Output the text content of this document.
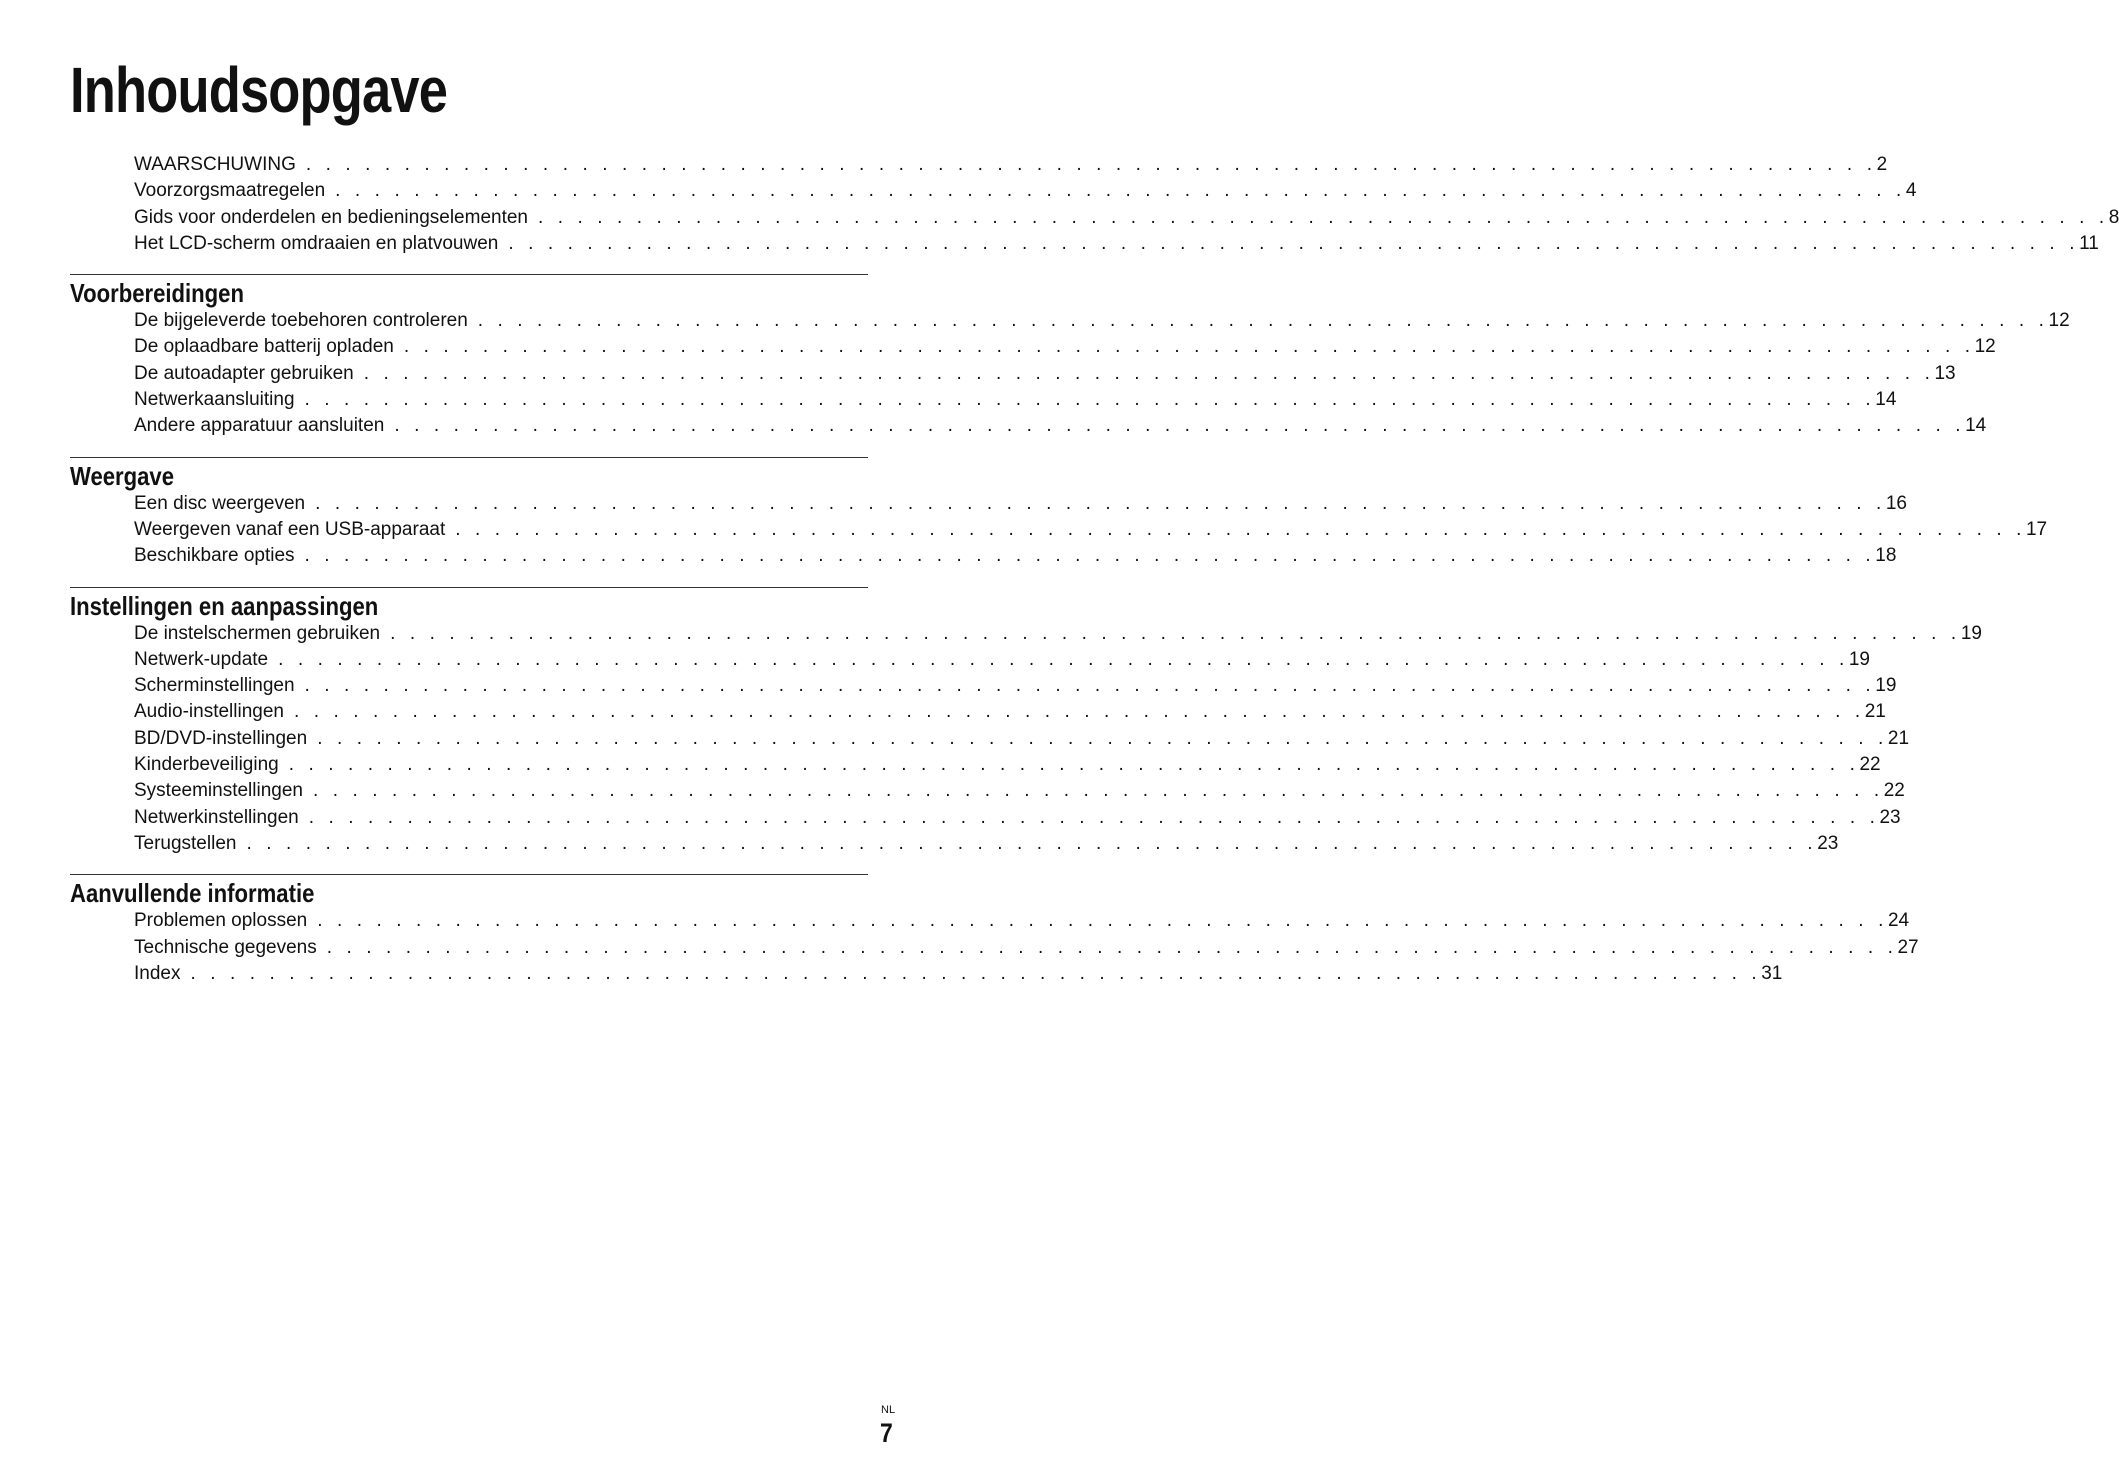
Inhoudsopgave
WAARSCHUWING . . . . . . . . . . . . . . . . . . . . . . . . . . . . . . . . . . . . . . . . . . . . . . . . . . . . . . . . . . . . . . . . . . . . . . . . . . . . . . . . 2
Voorzorgsmaatregelen . . . . . . . . . . . . . . . . . . . . . . . . . . . . . . . . . . . . . . . . . . . . . . . . . . . . . . . . . . . . . . . . . . . . . . . . . . . . . . . . 4
Gids voor onderdelen en bedieningselementen . . . . . . . . . . . . . . . . . . . . . . . . . . . . . . . . . . . . . . . . . . . . . . . . . . . . . . . . . . . . . . . . . . . . . . . . . . . . . . . . 8
Het LCD-scherm omdraaien en platvouwen . . . . . . . . . . . . . . . . . . . . . . . . . . . . . . . . . . . . . . . . . . . . . . . . . . . . . . . . . . . . . . . . . . . . . . . . . . . . . . . . 11
Voorbereidingen
De bijgeleverde toebehoren controleren . . . . . . . . . . . . . . . . . . . . . . . . . . . . . . . . . . . . . . . . . . . . . . . . . . . . . . . . . . . . . . . . . . . . . . . . . . . . . . . . 12
De oplaadbare batterij opladen . . . . . . . . . . . . . . . . . . . . . . . . . . . . . . . . . . . . . . . . . . . . . . . . . . . . . . . . . . . . . . . . . . . . . . . . . . . . . . . . 12
De autoadapter gebruiken . . . . . . . . . . . . . . . . . . . . . . . . . . . . . . . . . . . . . . . . . . . . . . . . . . . . . . . . . . . . . . . . . . . . . . . . . . . . . . . . 13
Netwerkaansluiting . . . . . . . . . . . . . . . . . . . . . . . . . . . . . . . . . . . . . . . . . . . . . . . . . . . . . . . . . . . . . . . . . . . . . . . . . . . . . . . . 14
Andere apparatuur aansluiten . . . . . . . . . . . . . . . . . . . . . . . . . . . . . . . . . . . . . . . . . . . . . . . . . . . . . . . . . . . . . . . . . . . . . . . . . . . . . . . . 14
Weergave
Een disc weergeven . . . . . . . . . . . . . . . . . . . . . . . . . . . . . . . . . . . . . . . . . . . . . . . . . . . . . . . . . . . . . . . . . . . . . . . . . . . . . . . . 16
Weergeven vanaf een USB-apparaat . . . . . . . . . . . . . . . . . . . . . . . . . . . . . . . . . . . . . . . . . . . . . . . . . . . . . . . . . . . . . . . . . . . . . . . . . . . . . . . . 17
Beschikbare opties . . . . . . . . . . . . . . . . . . . . . . . . . . . . . . . . . . . . . . . . . . . . . . . . . . . . . . . . . . . . . . . . . . . . . . . . . . . . . . . . 18
Instellingen en aanpassingen
De instelschermen gebruiken . . . . . . . . . . . . . . . . . . . . . . . . . . . . . . . . . . . . . . . . . . . . . . . . . . . . . . . . . . . . . . . . . . . . . . . . . . . . . . . . 19
Netwerk-update . . . . . . . . . . . . . . . . . . . . . . . . . . . . . . . . . . . . . . . . . . . . . . . . . . . . . . . . . . . . . . . . . . . . . . . . . . . . . . . . 19
Scherminstellingen . . . . . . . . . . . . . . . . . . . . . . . . . . . . . . . . . . . . . . . . . . . . . . . . . . . . . . . . . . . . . . . . . . . . . . . . . . . . . . . . 19
Audio-instellingen . . . . . . . . . . . . . . . . . . . . . . . . . . . . . . . . . . . . . . . . . . . . . . . . . . . . . . . . . . . . . . . . . . . . . . . . . . . . . . . . 21
BD/DVD-instellingen . . . . . . . . . . . . . . . . . . . . . . . . . . . . . . . . . . . . . . . . . . . . . . . . . . . . . . . . . . . . . . . . . . . . . . . . . . . . . . . . 21
Kinderbeveiliging . . . . . . . . . . . . . . . . . . . . . . . . . . . . . . . . . . . . . . . . . . . . . . . . . . . . . . . . . . . . . . . . . . . . . . . . . . . . . . . . 22
Systeeminstellingen . . . . . . . . . . . . . . . . . . . . . . . . . . . . . . . . . . . . . . . . . . . . . . . . . . . . . . . . . . . . . . . . . . . . . . . . . . . . . . . . 22
Netwerkinstellingen . . . . . . . . . . . . . . . . . . . . . . . . . . . . . . . . . . . . . . . . . . . . . . . . . . . . . . . . . . . . . . . . . . . . . . . . . . . . . . . . 23
Terugstellen . . . . . . . . . . . . . . . . . . . . . . . . . . . . . . . . . . . . . . . . . . . . . . . . . . . . . . . . . . . . . . . . . . . . . . . . . . . . . . . . 23
Aanvullende informatie
Problemen oplossen . . . . . . . . . . . . . . . . . . . . . . . . . . . . . . . . . . . . . . . . . . . . . . . . . . . . . . . . . . . . . . . . . . . . . . . . . . . . . . . . 24
Technische gegevens . . . . . . . . . . . . . . . . . . . . . . . . . . . . . . . . . . . . . . . . . . . . . . . . . . . . . . . . . . . . . . . . . . . . . . . . . . . . . . . . 27
Index . . . . . . . . . . . . . . . . . . . . . . . . . . . . . . . . . . . . . . . . . . . . . . . . . . . . . . . . . . . . . . . . . . . . . . . . . . . . . . . . 31
NL
7
